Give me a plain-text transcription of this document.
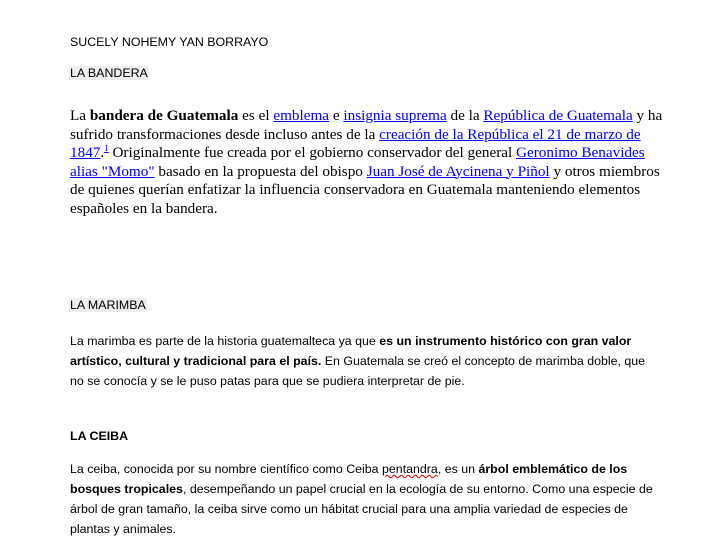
SUCELY NOHEMY YAN BORRAYO
LA BANDERA
La bandera de Guatemala es el emblema e insignia suprema de la República de Guatemala y ha sufrido transformaciones desde incluso antes de la creación de la República el 21 de marzo de 1847.$^1$ Originalmente fue creada por el gobierno conservador del general Geronimo Benavides alias "Momo" basado en la propuesta del obispo Juan José de Aycinena y Piñol y otros miembros de quienes querían enfatizar la influencia conservadora en Guatemala manteniendo elementos españoles en la bandera.
LA MARIMBA
La marimba es parte de la historia guatemalteca ya que es un instrumento histórico con gran valor artístico, cultural y tradicional para el país. En Guatemala se creó el concepto de marimba doble, que no se conocía y se le puso patas para que se pudiera interpretar de pie.
LA CEIBA
La ceiba, conocida por su nombre científico como Ceiba pentandra, es un árbol emblemático de los bosques tropicales, desempeñando un papel crucial en la ecología de su entorno. Como una especie de árbol de gran tamaño, la ceiba sirve como un hábitat crucial para una amplia variedad de especies de plantas y animales.
